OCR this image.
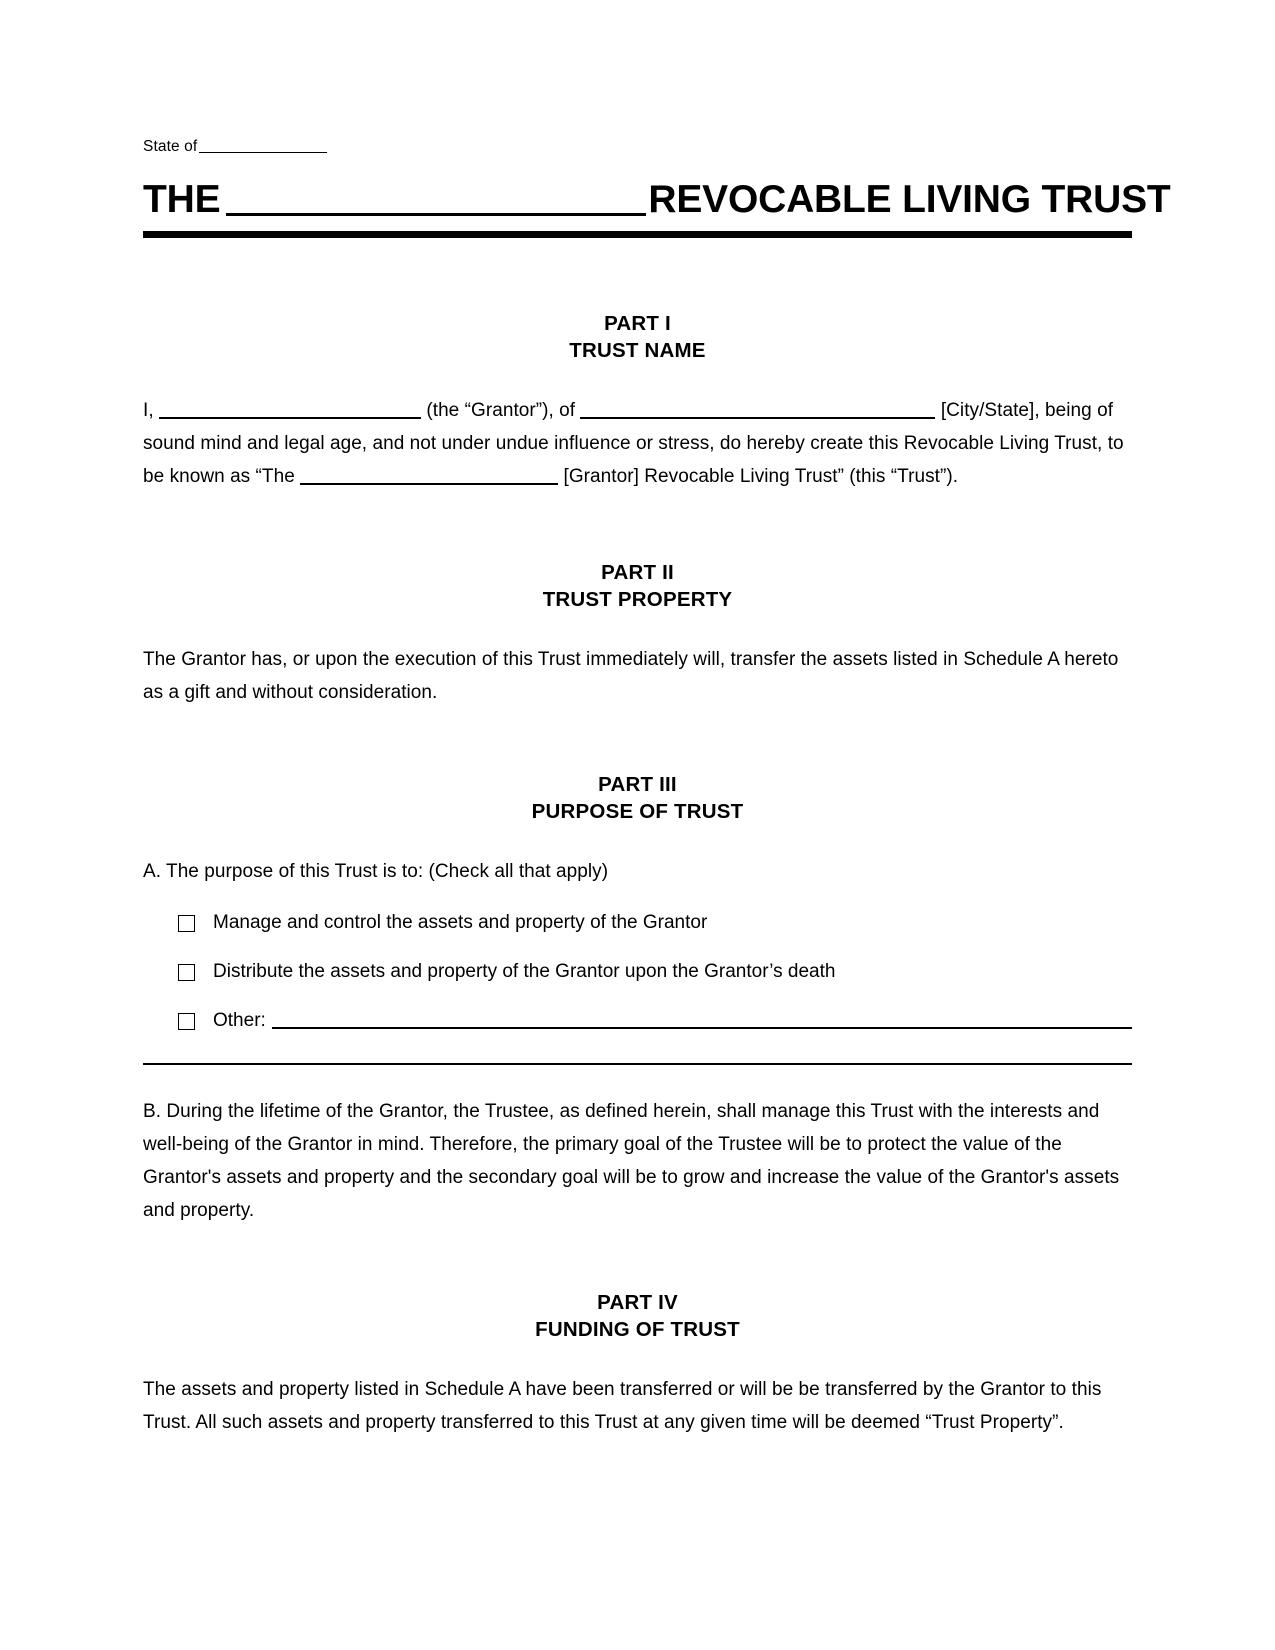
State of
THE	REVOCABLE LIVING TRUST
PART I
TRUST NAME

I,	(the “Grantor”), of	[City/State], being of sound mind and legal age, and not under undue influence or stress, do hereby create this Revocable Living Trust, to be known as “The	[Grantor] Revocable Living Trust” (this “Trust”).

PART II
TRUST PROPERTY

The Grantor has, or upon the execution of this Trust immediately will, transfer the assets listed in Schedule A hereto as a gift and without consideration.

PART III
PURPOSE OF TRUST

A. The purpose of this Trust is to: (Check all that apply)

Manage and control the assets and property of the Grantor
Distribute the assets and property of the Grantor upon the Grantor’s death
Other:

B. During the lifetime of the Grantor, the Trustee, as defined herein, shall manage this Trust with the interests and well-being of the Grantor in mind. Therefore, the primary goal of the Trustee will be to protect the value of the Grantor's assets and property and the secondary goal will be to grow and increase the value of the Grantor's assets and property.

PART IV
FUNDING OF TRUST

The assets and property listed in Schedule A have been transferred or will be be transferred by the Grantor to this Trust. All such assets and property transferred to this Trust at any given time will be deemed “Trust Property”.
